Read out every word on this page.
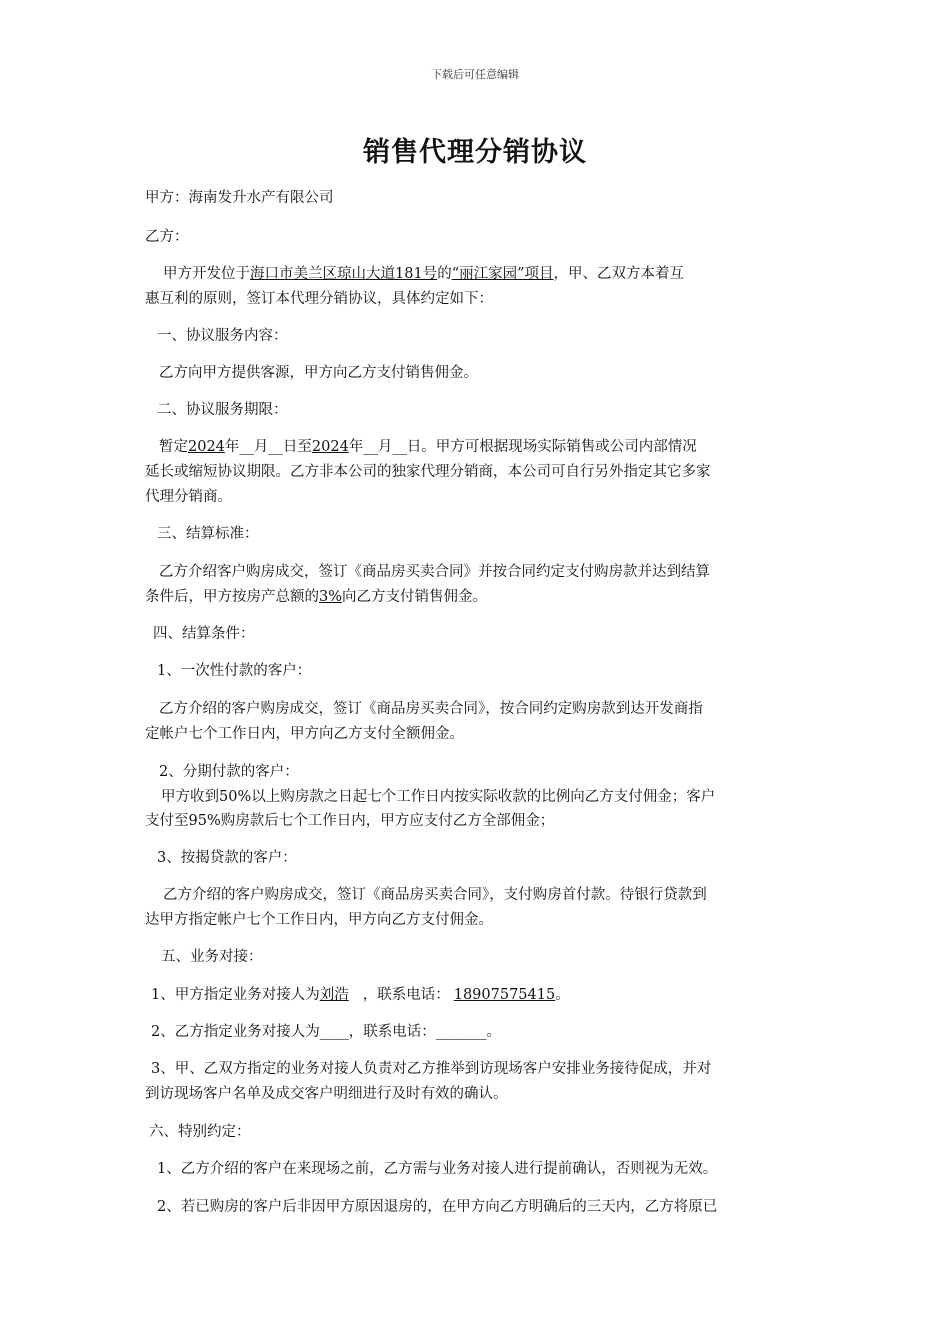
下载后可任意编辑
销售代理分销协议
甲方：海南发升水产有限公司
乙方：
甲方开发位于海口市美兰区琼山大道181号的“丽江家园”项目，甲、乙双方本着互
惠互利的原则，签订本代理分销协议，具体约定如下：
一、协议服务内容：
乙方向甲方提供客源，甲方向乙方支付销售佣金。
二、协议服务期限：
暂定2024年__月__日至2024年__月__日。甲方可根据现场实际销售或公司内部情况
延长或缩短协议期限。乙方非本公司的独家代理分销商，本公司可自行另外指定其它多家
代理分销商。
三、结算标准：
乙方介绍客户购房成交，签订《商品房买卖合同》并按合同约定支付购房款并达到结算
条件后，甲方按房产总额的3%向乙方支付销售佣金。
四、结算条件：
1、一次性付款的客户：
乙方介绍的客户购房成交，签订《商品房买卖合同》，按合同约定购房款到达开发商指
定帐户七个工作日内，甲方向乙方支付全额佣金。
2、分期付款的客户：
甲方收到50%以上购房款之日起七个工作日内按实际收款的比例向乙方支付佣金；客户
支付至95%购房款后七个工作日内，甲方应支付乙方全部佣金；
3、按揭贷款的客户：
乙方介绍的客户购房成交，签订《商品房买卖合同》，支付购房首付款。待银行贷款到
达甲方指定帐户七个工作日内，甲方向乙方支付佣金。
五、业务对接：
1、甲方指定业务对接人为刘浩 ，联系电话： 18907575415。
2、乙方指定业务对接人为____，联系电话：_______。
3、甲、乙双方指定的业务对接人负责对乙方推举到访现场客户安排业务接待促成，并对
到访现场客户名单及成交客户明细进行及时有效的确认。
六、特别约定：
1、乙方介绍的客户在来现场之前，乙方需与业务对接人进行提前确认，否则视为无效。
2、若已购房的客户后非因甲方原因退房的，在甲方向乙方明确后的三天内，乙方将原已
